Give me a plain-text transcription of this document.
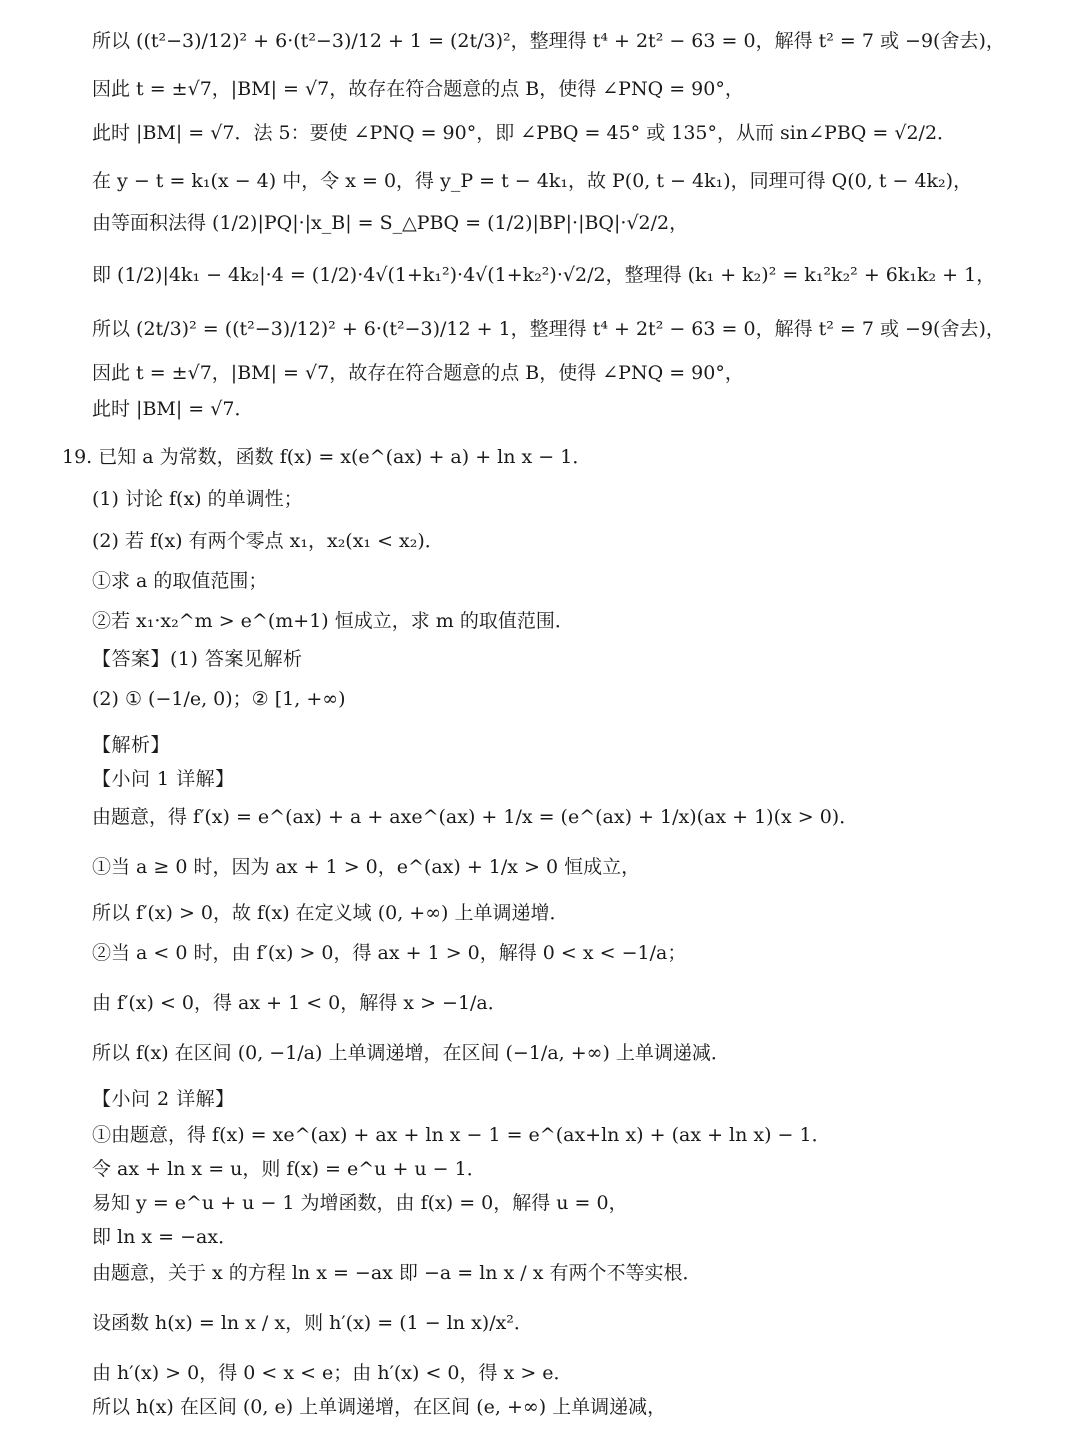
所以 ((t²−3)/12)² + 6·(t²−3)/12 + 1 = (2t/3)²，整理得 t⁴ + 2t² − 63 = 0，解得 t² = 7 或 −9(舍去)，
因此 t = ±√7，|BM| = √7，故存在符合题意的点 B，使得 ∠PNQ = 90°，
此时 |BM| = √7．法 5：要使 ∠PNQ = 90°，即 ∠PBQ = 45° 或 135°，从而 sin∠PBQ = √2/2．
在 y − t = k₁(x − 4) 中，令 x = 0，得 y_P = t − 4k₁，故 P(0, t − 4k₁)，同理可得 Q(0, t − 4k₂)，
由等面积法得 (1/2)|PQ|·|x_B| = S_△PBQ = (1/2)|BP|·|BQ|·√2/2，
即 (1/2)|4k₁ − 4k₂|·4 = (1/2)·4√(1+k₁²)·4√(1+k₂²)·√2/2，整理得 (k₁ + k₂)² = k₁²k₂² + 6k₁k₂ + 1，
所以 (2t/3)² = ((t²−3)/12)² + 6·(t²−3)/12 + 1，整理得 t⁴ + 2t² − 63 = 0，解得 t² = 7 或 −9(舍去)，
因此 t = ±√7，|BM| = √7，故存在符合题意的点 B，使得 ∠PNQ = 90°，
此时 |BM| = √7．
19. 已知 a 为常数，函数 f(x) = x(e^(ax) + a) + ln x − 1．
(1) 讨论 f(x) 的单调性；
(2) 若 f(x) 有两个零点 x₁，x₂(x₁ < x₂)．
①求 a 的取值范围；
②若 x₁·x₂^m > e^(m+1) 恒成立，求 m 的取值范围．
【答案】(1) 答案见解析
(2) ① (−1/e, 0)；② [1, +∞)
【解析】
【小问 1 详解】
由题意，得 f′(x) = e^(ax) + a + axe^(ax) + 1/x = (e^(ax) + 1/x)(ax + 1)(x > 0)．
①当 a ≥ 0 时，因为 ax + 1 > 0，e^(ax) + 1/x > 0 恒成立，
所以 f′(x) > 0，故 f(x) 在定义域 (0, +∞) 上单调递增．
②当 a < 0 时，由 f′(x) > 0，得 ax + 1 > 0，解得 0 < x < −1/a；
由 f′(x) < 0，得 ax + 1 < 0，解得 x > −1/a．
所以 f(x) 在区间 (0, −1/a) 上单调递增，在区间 (−1/a, +∞) 上单调递减．
【小问 2 详解】
①由题意，得 f(x) = xe^(ax) + ax + ln x − 1 = e^(ax+ln x) + (ax + ln x) − 1．
令 ax + ln x = u，则 f(x) = e^u + u − 1．
易知 y = e^u + u − 1 为增函数，由 f(x) = 0，解得 u = 0，
即 ln x = −ax．
由题意，关于 x 的方程 ln x = −ax 即 −a = ln x / x 有两个不等实根．
设函数 h(x) = ln x / x，则 h′(x) = (1 − ln x)/x²．
由 h′(x) > 0，得 0 < x < e；由 h′(x) < 0，得 x > e．
所以 h(x) 在区间 (0, e) 上单调递增，在区间 (e, +∞) 上单调递减，
